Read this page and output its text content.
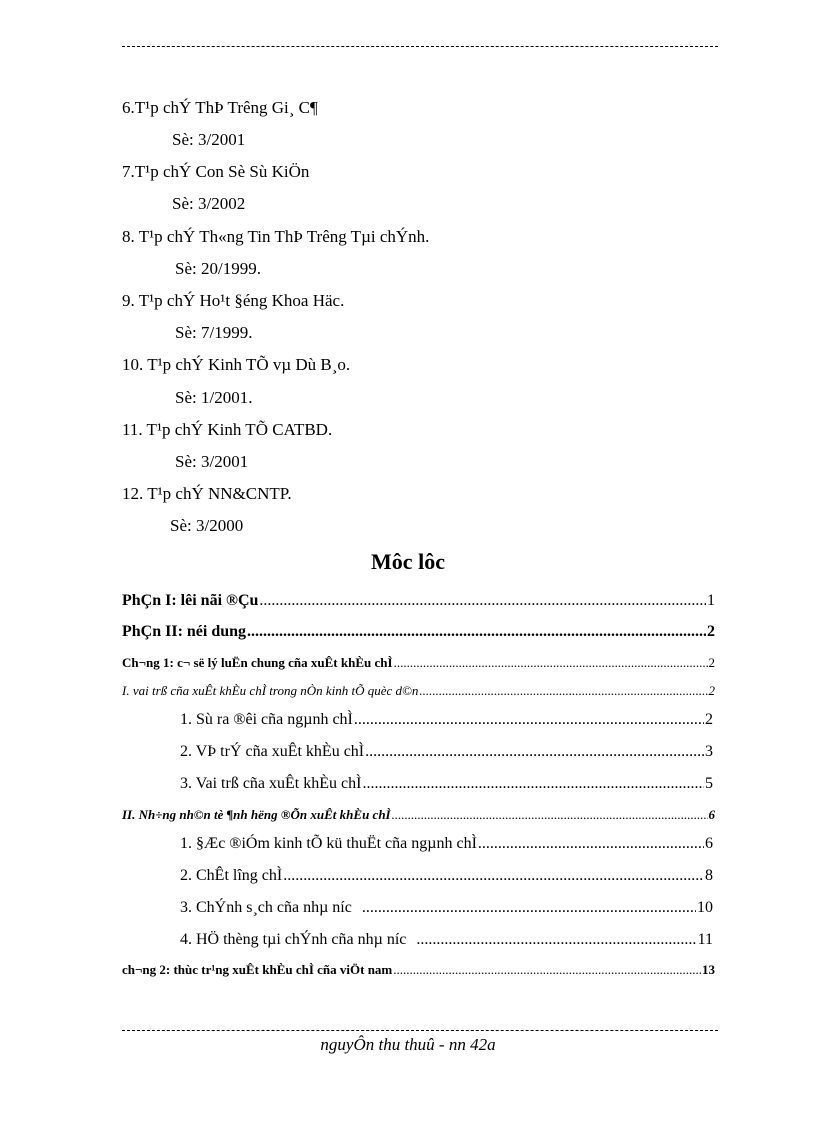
6.T¹p chÝ ThÞ Trêng Gi¸ C¶
Sè: 3/2001
7.T¹p chÝ Con Sè Sù KiÖn
Sè: 3/2002
8. T¹p chÝ Th«ng Tin ThÞ Trêng Tµi chÝnh.
Sè: 20/1999.
9. T¹p chÝ Ho¹t §éng Khoa Häc.
Sè: 7/1999.
10. T¹p chÝ Kinh TÕ vµ Dù B¸o.
Sè: 1/2001.
11. T¹p chÝ Kinh TÕ CATBD.
Sè: 3/2001
12. T¹p chÝ NN&CNTP.
Sè: 3/2000
Môc lôc
PhÇn I: lêi nãi ®Çu .....	1
PhÇn II: néi dung .....	2
Ch¬ng 1: c¬ së lý luËn chung cña xuÊt khÈu chÌ .....	2
I. vai trß cña xuÊt khÈu chÌ trong nÒn kinh tÕ quèc d©n .....	2
1. Sù ra ®êi cña ngµnh chÌ .....	2
2. VÞ trÝ cña xuÊt khÈu chÌ .....	3
3. Vai trß cña xuÊt khÈu chÌ .....	5
II. Nh÷ng nh©n tè ¶nh hëng ®Õn xuÊt khÈu chÌ .....	6
1. §Æc ®iÓm kinh tÕ kü thuËt cña ngµnh chÌ .....	6
2. ChÊt lîng chÌ .....	8
3. ChÝnh s¸ch cña nhµ níc .....	10
4. HÖ thèng tµi chÝnh cña nhµ níc .....	11
ch¬ng 2: thùc tr¹ng xuÊt khÈu chÌ cña viÖt nam .....	13
nguyÔn thu thuû - nn 42a
